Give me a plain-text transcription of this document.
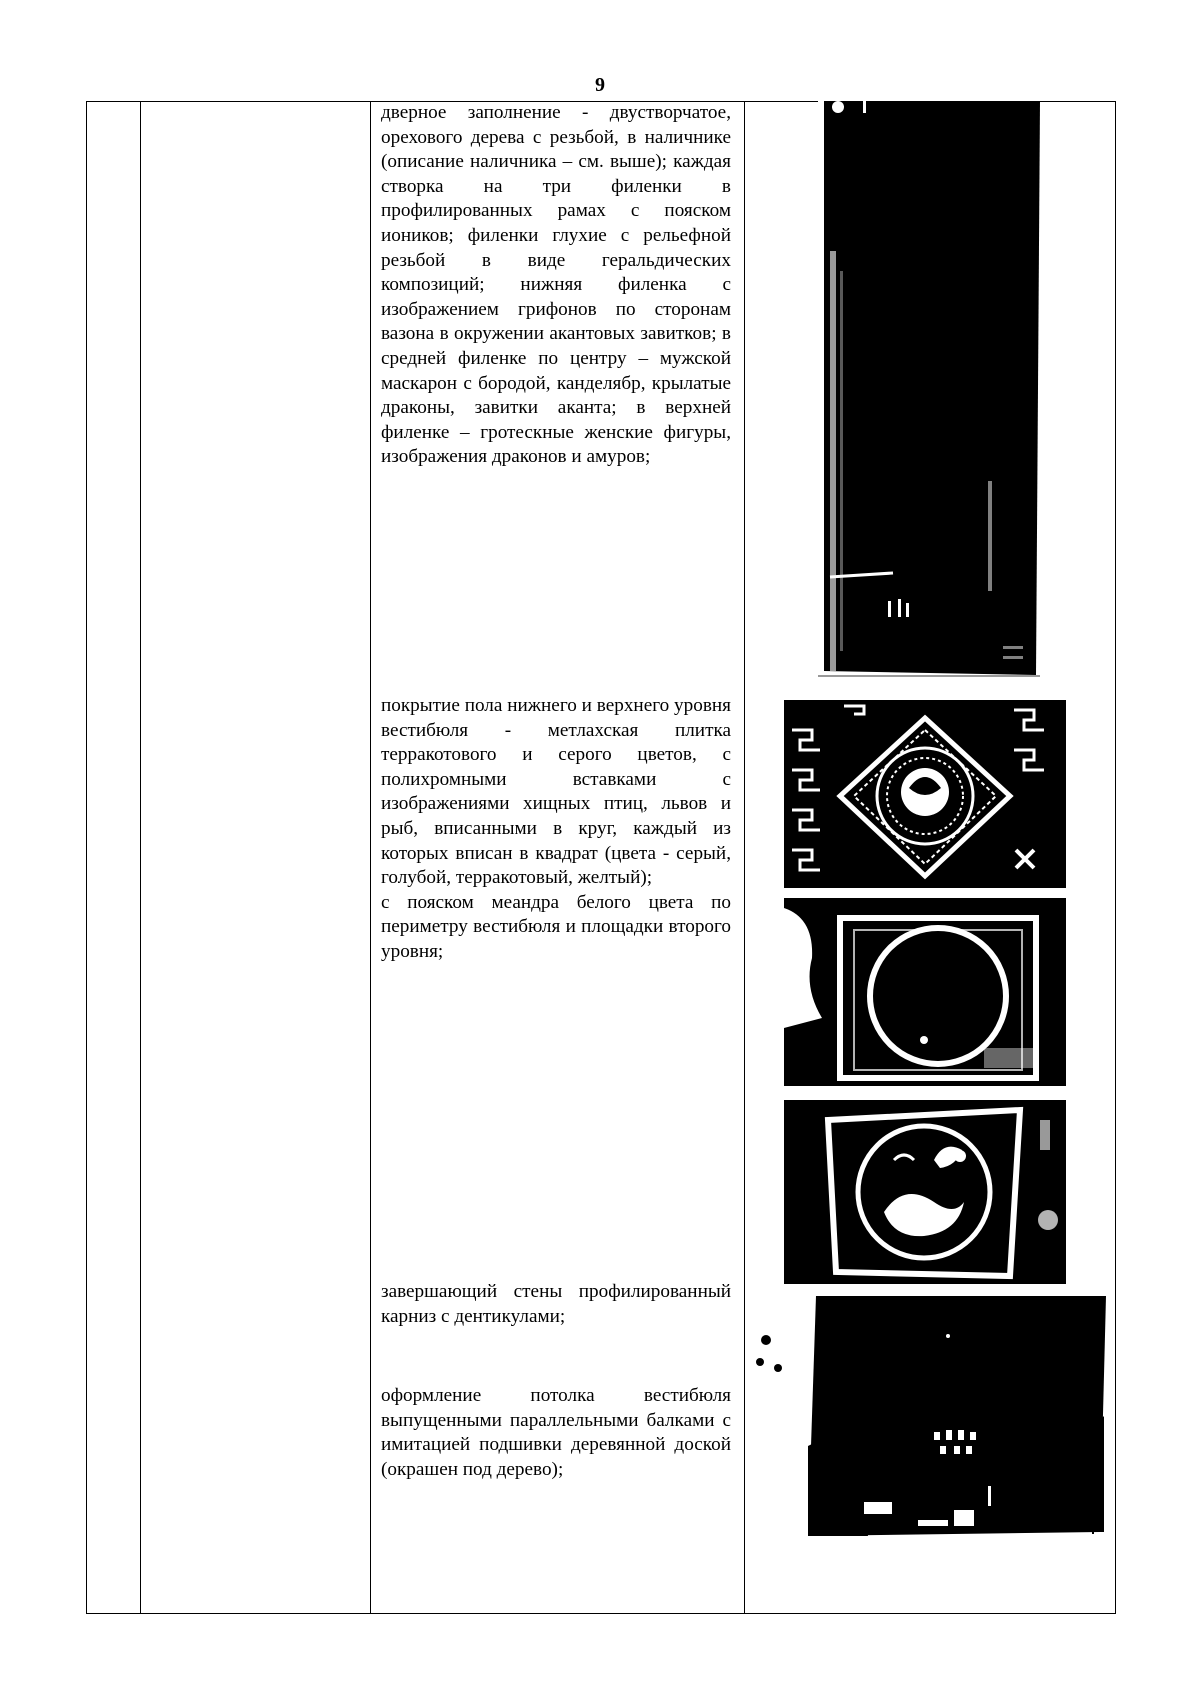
9
дверное заполнение - двустворчатое, орехового дерева с резьбой, в наличнике (описание наличника – см. выше); каждая створка на три филенки в профилированных рамах с пояском иоников; филенки глухие с рельефной резьбой в виде геральдических композиций; нижняя филенка с изображением грифонов по сторонам вазона в окружении акантовых завитков; в средней филенке по центру – мужской маскарон с бородой, канделябр, крылатые драконы, завитки аканта; в верхней филенке – гротескные женские фигуры, изображения драконов и амуров;
покрытие пола нижнего и верхнего уровня вестибюля - метлахская плитка терракотового и серого цветов, с полихромными вставками с изображениями хищных птиц, львов и рыб, вписанными в круг, каждый из которых вписан в квадрат (цвета - серый, голубой, терракотовый, желтый);
с пояском меандра белого цвета по периметру вестибюля и площадки второго уровня;
завершающий стены профилированный карниз с дентикулами;
оформление потолка вестибюля выпущенными параллельными балками с имитацией подшивки деревянной доской (окрашен под дерево);
